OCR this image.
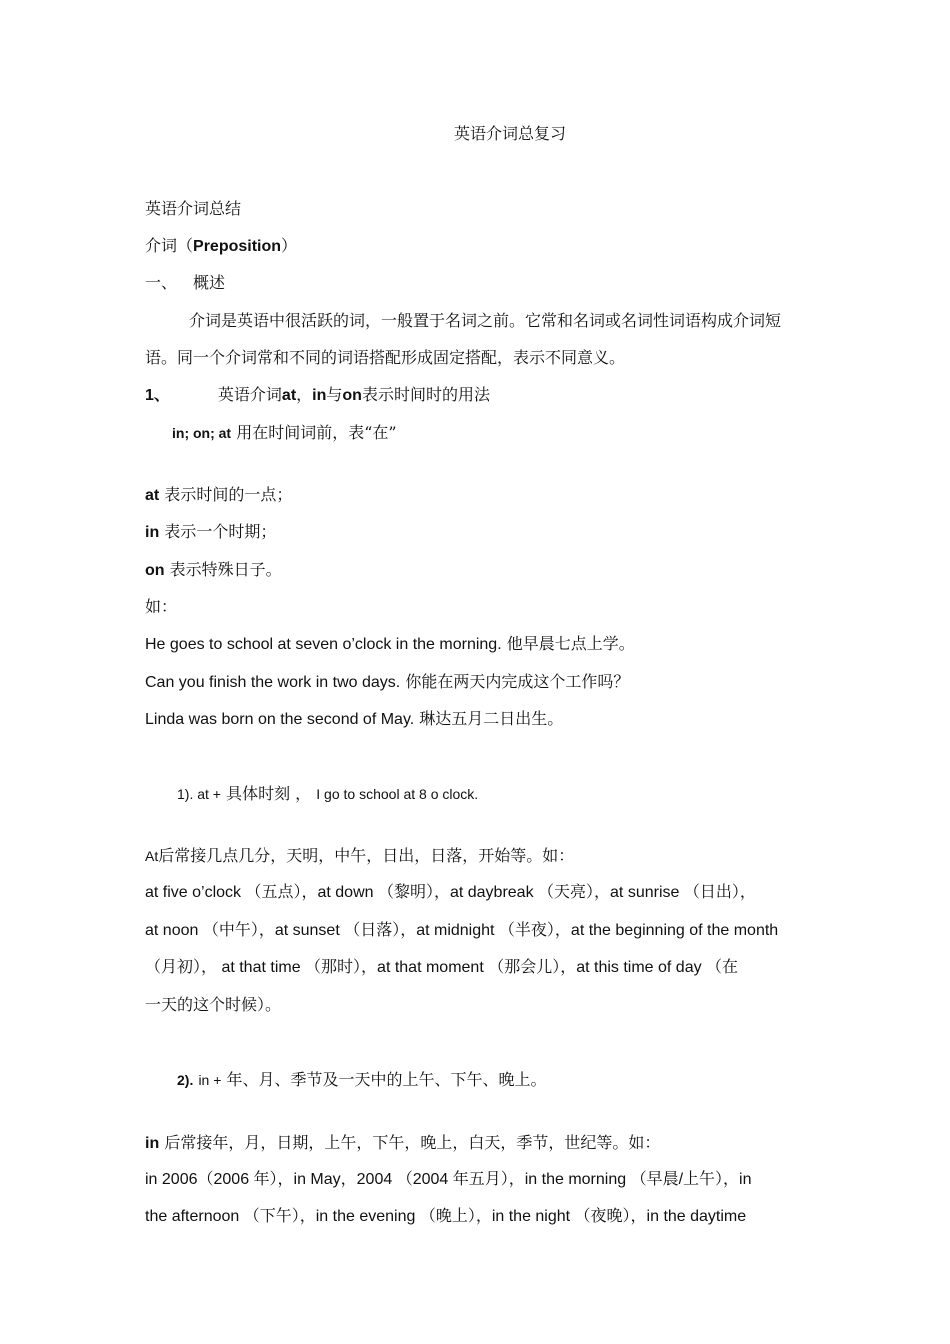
英语介词总复习
英语介词总结
介词（Preposition）
一、 概述
介词是英语中很活跃的词，一般置于名词之前。它常和名词或名词性词语构成介词短
语。同一个介词常和不同的词语搭配形成固定搭配，表示不同意义。
1、	英语介词at，in与on表示时间时的用法
in; on; at 用在时间词前，表“在”
at 表示时间的一点；
in 表示一个时期；
on 表示特殊日子。
如：
He goes to school at seven o’clock in the morning. 他早晨七点上学。
Can you finish the work in two days. 你能在两天内完成这个工作吗？
Linda was born on the second of May. 琳达五月二日出生。
1). at + 具体时刻 ， I go to school at 8 o clock.
At后常接几点几分，天明，中午，日出，日落，开始等。如：
at five o’clock （五点），at down （黎明），at daybreak （天亮），at sunrise （日出），
at noon （中午），at sunset （日落），at midnight （半夜），at the beginning of the month
（月初）， at that time （那时），at that moment （那会儿），at this time of day （在
一天的这个时候）。
2). in + 年、月、季节及一天中的上午、下午、晚上。
in 后常接年，月，日期，上午，下午，晚上，白天，季节，世纪等。如：
in 2006（2006 年），in May，2004 （2004 年五月），in the morning （早晨/上午），in
the afternoon （下午），in the evening （晚上），in the night （夜晚），in the daytime
